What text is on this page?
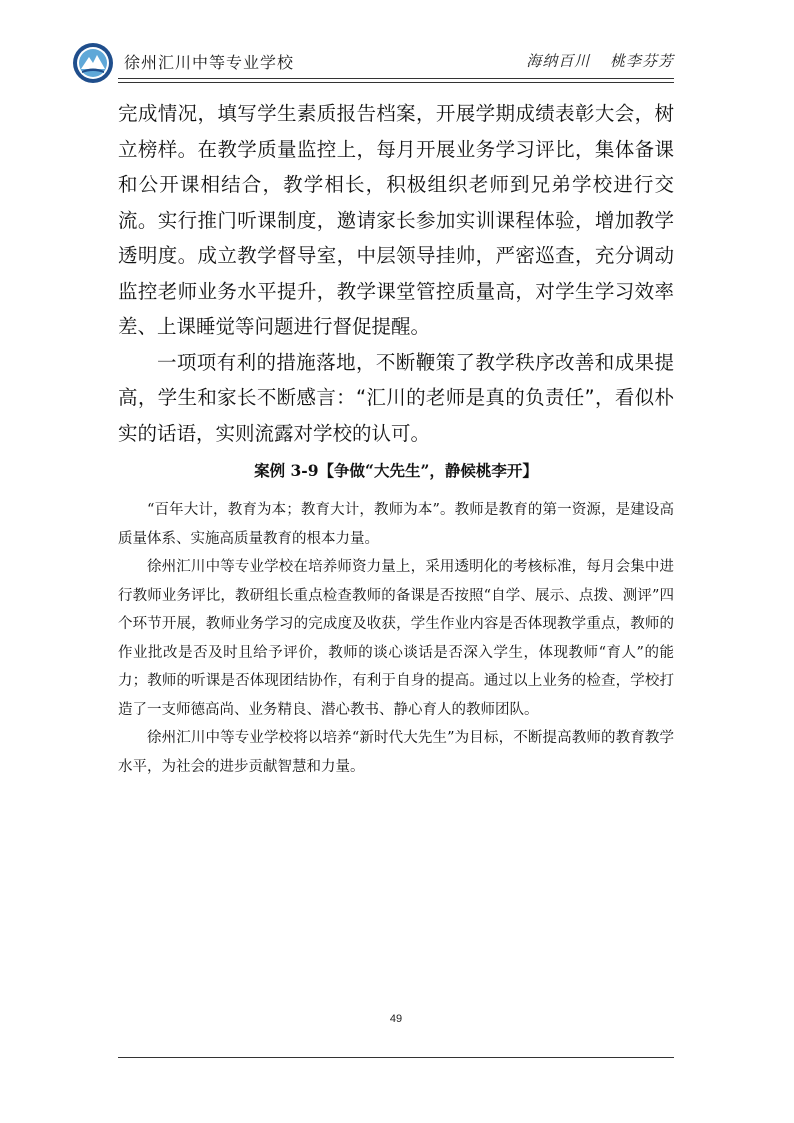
徐州汇川中等专业学校	海纳百川 桃李芬芳

完成情况，填写学生素质报告档案，开展学期成绩表彰大会，树立榜样。在教学质量监控上，每月开展业务学习评比，集体备课和公开课相结合，教学相长，积极组织老师到兄弟学校进行交流。实行推门听课制度，邀请家长参加实训课程体验，增加教学透明度。成立教学督导室，中层领导挂帅，严密巡查，充分调动监控老师业务水平提升，教学课堂管控质量高，对学生学习效率差、上课睡觉等问题进行督促提醒。

一项项有利的措施落地，不断鞭策了教学秩序改善和成果提高，学生和家长不断感言：“汇川的老师是真的负责任”，看似朴实的话语，实则流露对学校的认可。

案例 3-9【争做“大先生”，静候桃李开】

“百年大计，教育为本；教育大计，教师为本”。教师是教育的第一资源，是建设高质量体系、实施高质量教育的根本力量。

徐州汇川中等专业学校在培养师资力量上，采用透明化的考核标准，每月会集中进行教师业务评比，教研组长重点检查教师的备课是否按照“自学、展示、点拨、测评”四个环节开展，教师业务学习的完成度及收获，学生作业内容是否体现教学重点，教师的作业批改是否及时且给予评价，教师的谈心谈话是否深入学生，体现教师“育人”的能力；教师的听课是否体现团结协作，有利于自身的提高。通过以上业务的检查，学校打造了一支师德高尚、业务精良、潜心教书、静心育人的教师团队。

徐州汇川中等专业学校将以培养“新时代大先生”为目标，不断提高教师的教育教学水平，为社会的进步贡献智慧和力量。

49
